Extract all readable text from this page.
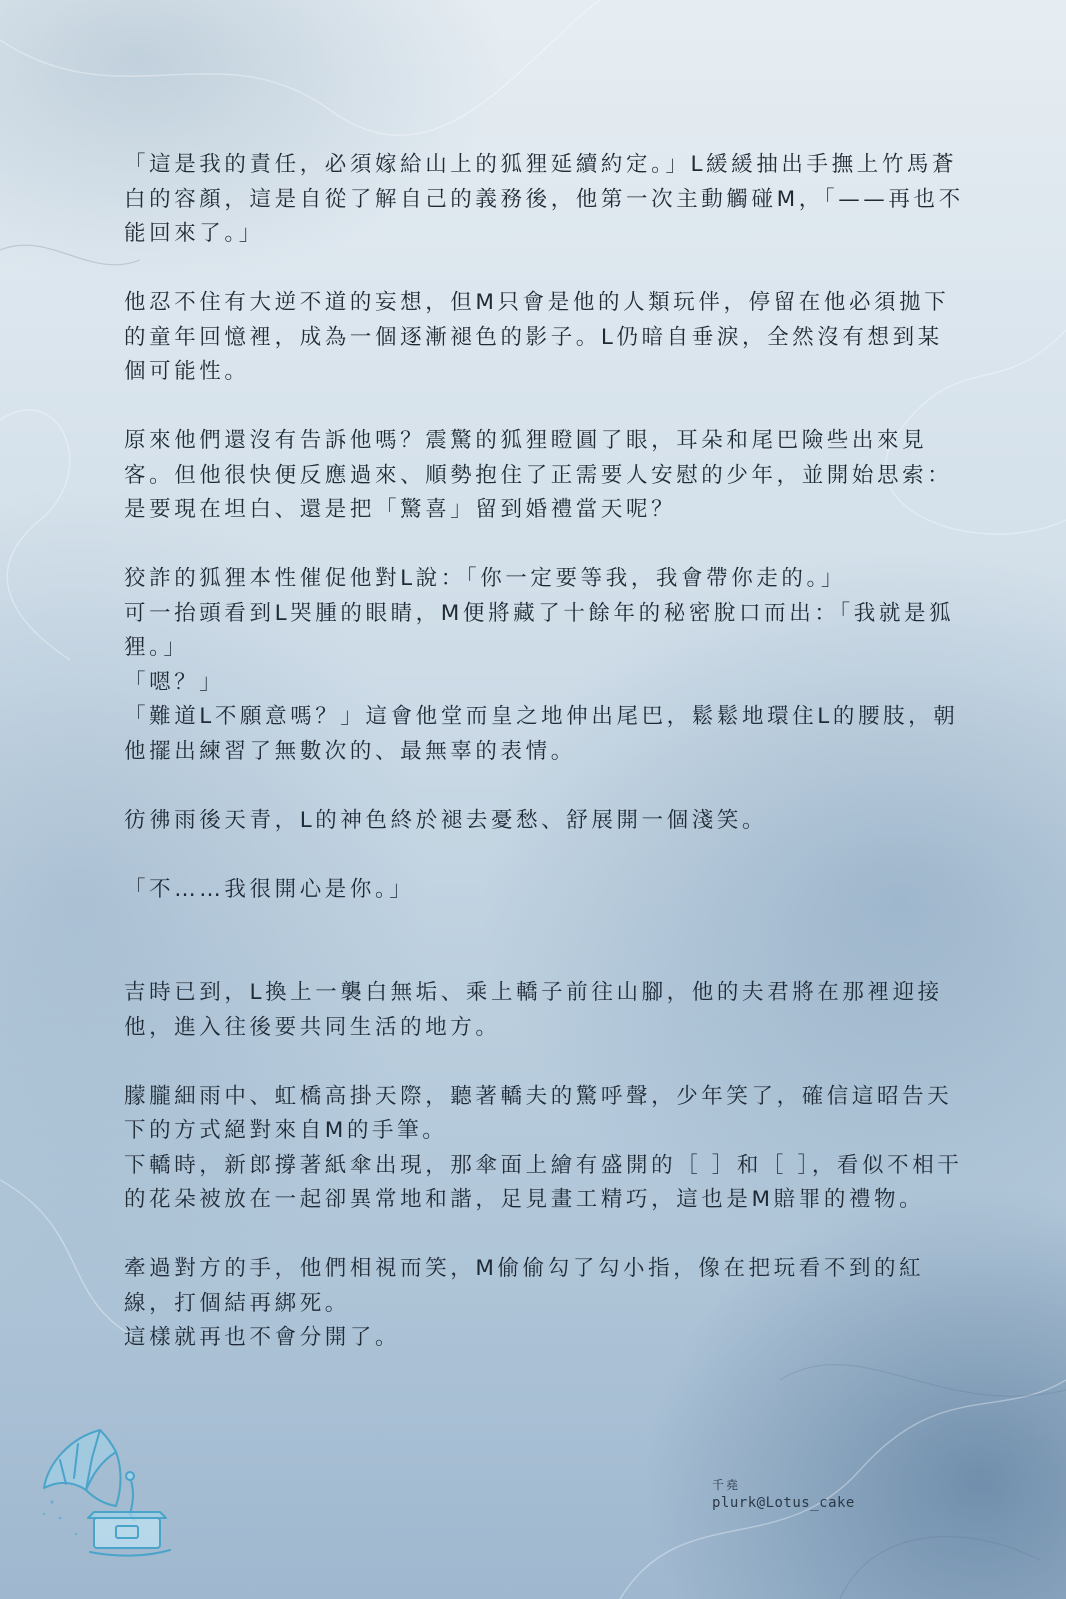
「這是我的責任，必須嫁給山上的狐狸延續約定。」L緩緩抽出手撫上竹馬蒼白的容顏，這是自從了解自己的義務後，他第一次主動觸碰M，「——再也不能回來了。」

他忍不住有大逆不道的妄想，但M只會是他的人類玩伴，停留在他必須拋下的童年回憶裡，成為一個逐漸褪色的影子。L仍暗自垂淚，全然沒有想到某個可能性。

原來他們還沒有告訴他嗎？震驚的狐狸瞪圓了眼，耳朵和尾巴險些出來見客。但他很快便反應過來、順勢抱住了正需要人安慰的少年，並開始思索：是要現在坦白、還是把「驚喜」留到婚禮當天呢？

狡詐的狐狸本性催促他對L說：「你一定要等我，我會帶你走的。」

可一抬頭看到L哭腫的眼睛，M便將藏了十餘年的秘密脫口而出：「我就是狐狸。」

「嗯？」

「難道L不願意嗎？」這會他堂而皇之地伸出尾巴，鬆鬆地環住L的腰肢，朝他擺出練習了無數次的、最無辜的表情。

彷彿雨後天青，L的神色終於褪去憂愁、舒展開一個淺笑。

「不……我很開心是你。」

吉時已到，L換上一襲白無垢、乘上轎子前往山腳，他的夫君將在那裡迎接他，進入往後要共同生活的地方。

朦朧細雨中、虹橋高掛天際，聽著轎夫的驚呼聲，少年笑了，確信這昭告天下的方式絕對來自M的手筆。

下轎時，新郎撐著紙傘出現，那傘面上繪有盛開的［ ］和［ ］，看似不相干的花朵被放在一起卻異常地和諧，足見畫工精巧，這也是M賠罪的禮物。

牽過對方的手，他們相視而笑，M偷偷勾了勾小指，像在把玩看不到的紅線，打個結再綁死。

這樣就再也不會分開了。

千堯
plurk@Lotus_cake
